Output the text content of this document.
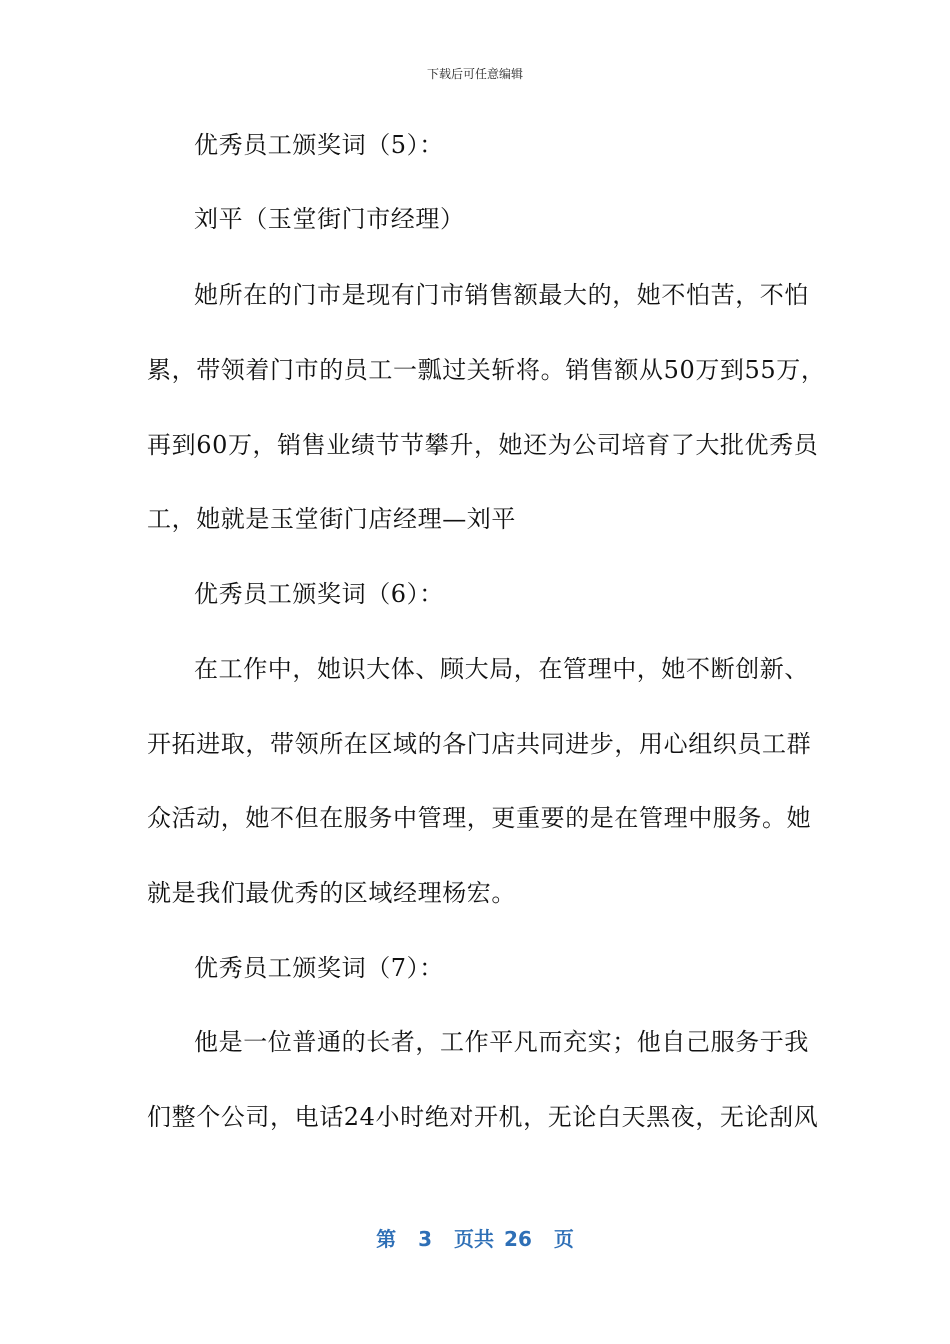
下载后可任意编辑
优秀员工颁奖词（5）：
刘平（玉堂街门市经理）
她所在的门市是现有门市销售额最大的，她不怕苦，不怕
累，带领着门市的员工一瓢过关斩将。销售额从50万到55万，
再到60万，销售业绩节节攀升，她还为公司培育了大批优秀员
工，她就是玉堂街门店经理—刘平
优秀员工颁奖词（6）：
在工作中，她识大体、顾大局，在管理中，她不断创新、
开拓进取，带领所在区域的各门店共同进步，用心组织员工群
众活动，她不但在服务中管理，更重要的是在管理中服务。她
就是我们最优秀的区域经理杨宏。
优秀员工颁奖词（7）：
他是一位普通的长者，工作平凡而充实；他自己服务于我
们整个公司，电话24小时绝对开机，无论白天黑夜，无论刮风
第 3 页共 26 页
